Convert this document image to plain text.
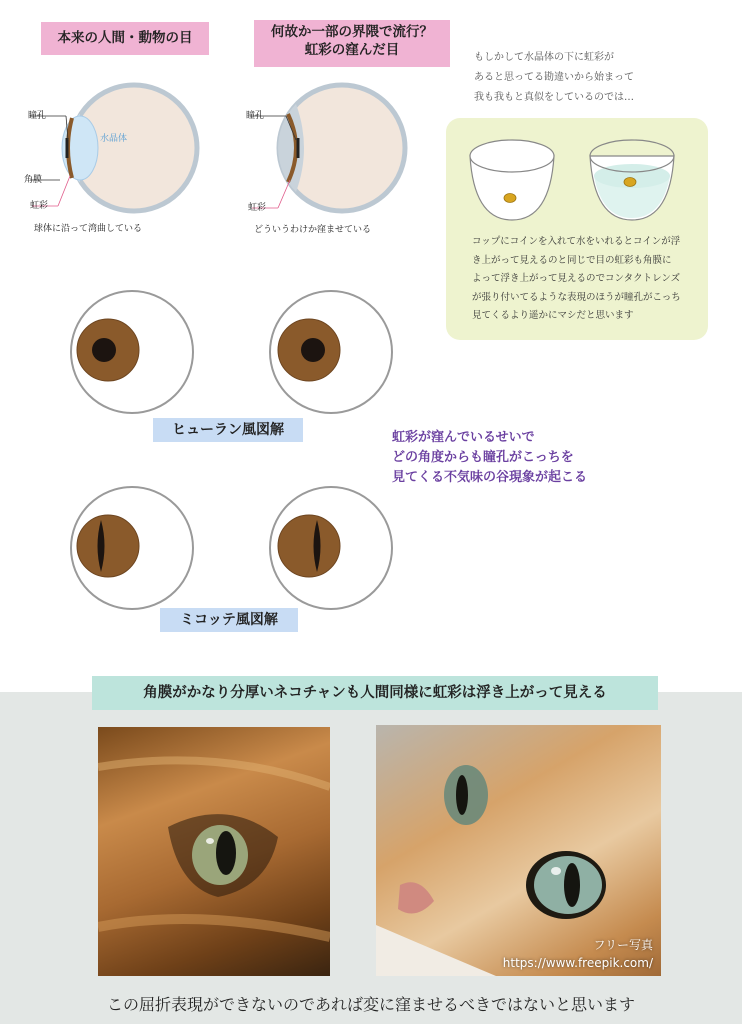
本来の人間・動物の目	何故か一部の界隈で流行？
虹彩の窪んだ目
瞳孔
角膜
虹彩
水晶体
球体に沿って湾曲している
瞳孔
虹彩
どういうわけか窪ませている
もしかして水晶体の下に虹彩が
あると思ってる勘違いから始まって
我も我もと真似をしているのでは…
コップにコインを入れて水をいれるとコインが浮
き上がって見えるのと同じで目の虹彩も角膜に
よって浮き上がって見えるのでコンタクトレンズ
が張り付いてるような表現のほうが瞳孔がこっち
見てくるより遥かにマシだと思います
ヒューラン風図解	虹彩が窪んでいるせいで
どの角度からも瞳孔がこっちを
見てくる不気味の谷現象が起こる
ミコッテ風図解
角膜がかなり分厚いネコチャンも人間同様に虹彩は浮き上がって見える
フリー写真
https://www.freepik.com/
この屈折表現ができないのであれば変に窪ませるべきではないと思います
